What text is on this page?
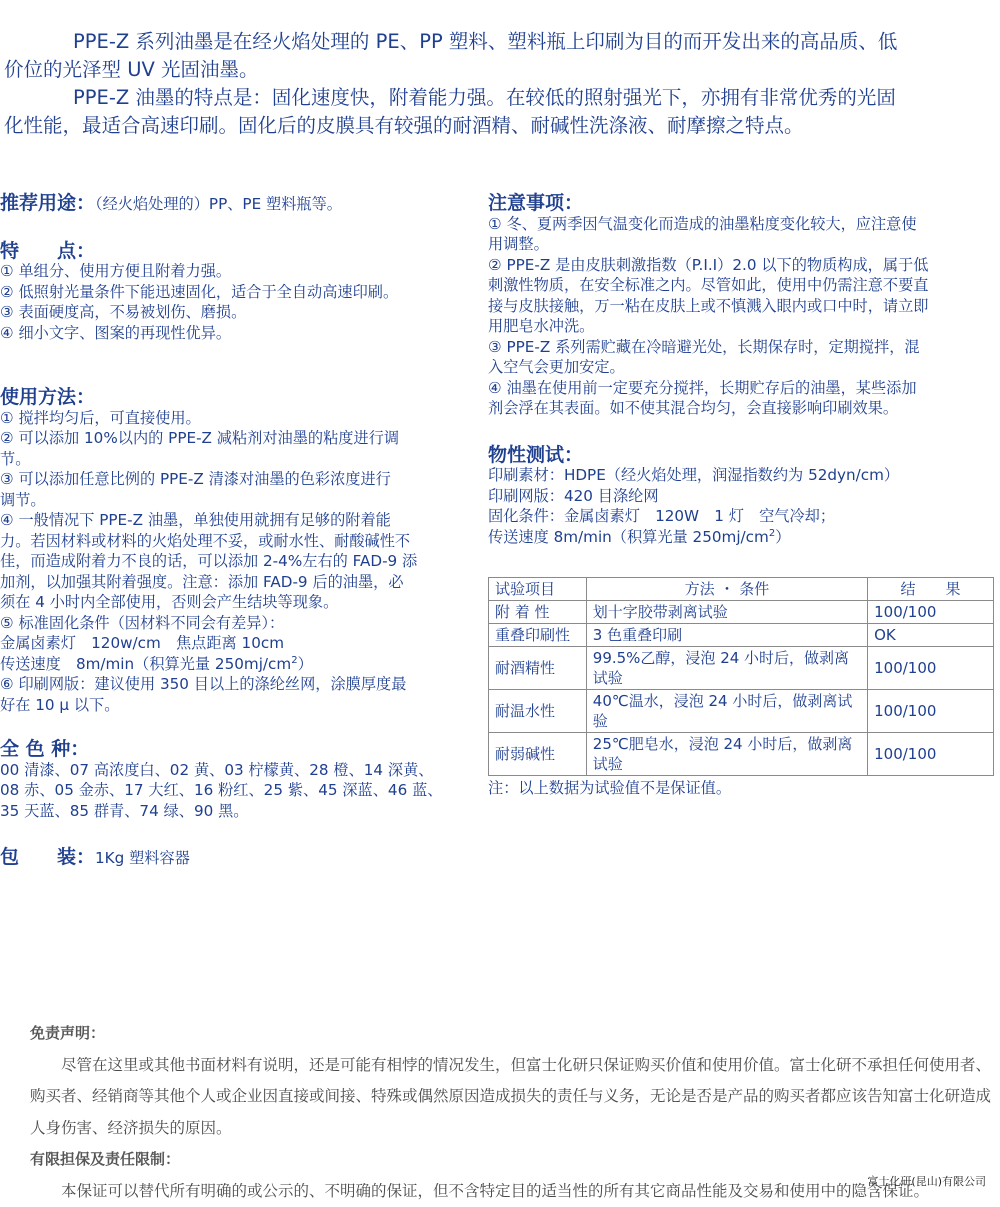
PPE-Z 系列油墨是在经火焰处理的 PE、PP 塑料、塑料瓶上印刷为目的而开发出来的高品质、低

价位的光泽型 UV 光固油墨。

PPE-Z 油墨的特点是：固化速度快，附着能力强。在较低的照射强光下，亦拥有非常优秀的光固

化性能，最适合高速印刷。固化后的皮膜具有较强的耐酒精、耐碱性洗涤液、耐摩擦之特点。

推荐用途：（经火焰处理的）PP、PE 塑料瓶等。
特　　点：

① 单组分、使用方便且附着力强。

② 低照射光量条件下能迅速固化，适合于全自动高速印刷。

③ 表面硬度高，不易被划伤、磨损。

④ 细小文字、图案的再现性优异。

使用方法：

① 搅拌均匀后，可直接使用。

② 可以添加 10%以内的 PPE-Z 减粘剂对油墨的粘度进行调

节。

③ 可以添加任意比例的 PPE-Z 清漆对油墨的色彩浓度进行

调节。

④ 一般情况下 PPE-Z 油墨，单独使用就拥有足够的附着能

力。若因材料或材料的火焰处理不妥，或耐水性、耐酸碱性不

佳，而造成附着力不良的话，可以添加 2-4%左右的 FAD-9 添

加剂，以加强其附着强度。注意：添加 FAD-9 后的油墨，必

须在 4 小时内全部使用，否则会产生结块等现象。

⑤ 标准固化条件（因材料不同会有差异）：

金属卤素灯　120w/cm　焦点距离 10cm

传送速度　8m/min（积算光量 $250mj/cm^2$）

⑥ 印刷网版：建议使用 350 目以上的涤纶丝网，涂膜厚度最

好在 10 μ 以下。

全 色 种：

00 清漆、07 高浓度白、02 黄、03 柠檬黄、28 橙、14 深黄、

08 赤、05 金赤、17 大红、16 粉红、25 紫、45 深蓝、46 蓝、

35 天蓝、85 群青、74 绿、90 黑。

包　　装：1Kg 塑料容器
注意事项：

① 冬、夏两季因气温变化而造成的油墨粘度变化较大，应注意使

用调整。

② PPE-Z 是由皮肤刺激指数（P.I.I）2.0 以下的物质构成，属于低

刺激性物质，在安全标准之内。尽管如此，使用中仍需注意不要直

接与皮肤接触，万一粘在皮肤上或不慎溅入眼内或口中时，请立即

用肥皂水冲洗。

③ PPE-Z 系列需贮藏在冷暗避光处，长期保存时，定期搅拌，混

入空气会更加安定。

④ 油墨在使用前一定要充分搅拌，长期贮存后的油墨，某些添加

剂会浮在其表面。如不使其混合均匀，会直接影响印刷效果。

物性测试：

印刷素材：HDPE（经火焰处理，润湿指数约为 52dyn/cm）

印刷网版：420 目涤纶网

固化条件：金属卤素灯　120W　1 灯　空气冷却；

传送速度 8m/min（积算光量 $250mj/cm^2$）

试验项目	方法 ・ 条件	结　　果
附 着 性	划十字胶带剥离试验	100/100
重叠印刷性	3 色重叠印刷	OK
耐酒精性	99.5%乙醇，浸泡 24 小时后，做剥离试验	100/100
耐温水性	40℃温水，浸泡 24 小时后，做剥离试验	100/100
耐弱碱性	25℃肥皂水，浸泡 24 小时后，做剥离试验	100/100

注：以上数据为试验值不是保证值。

免责声明：

尽管在这里或其他书面材料有说明，还是可能有相悖的情况发生，但富士化研只保证购买价值和使用价值。富士化研不承担任何使用者、购买者、经销商等其他个人或企业因直接或间接、特殊或偶然原因造成损失的责任与义务，无论是否是产品的购买者都应该告知富士化研造成人身伤害、经济损失的原因。

有限担保及责任限制：

本保证可以替代所有明确的或公示的、不明确的保证，但不含特定目的适当性的所有其它商品性能及交易和使用中的隐含保证。

富士化研(昆山)有限公司
